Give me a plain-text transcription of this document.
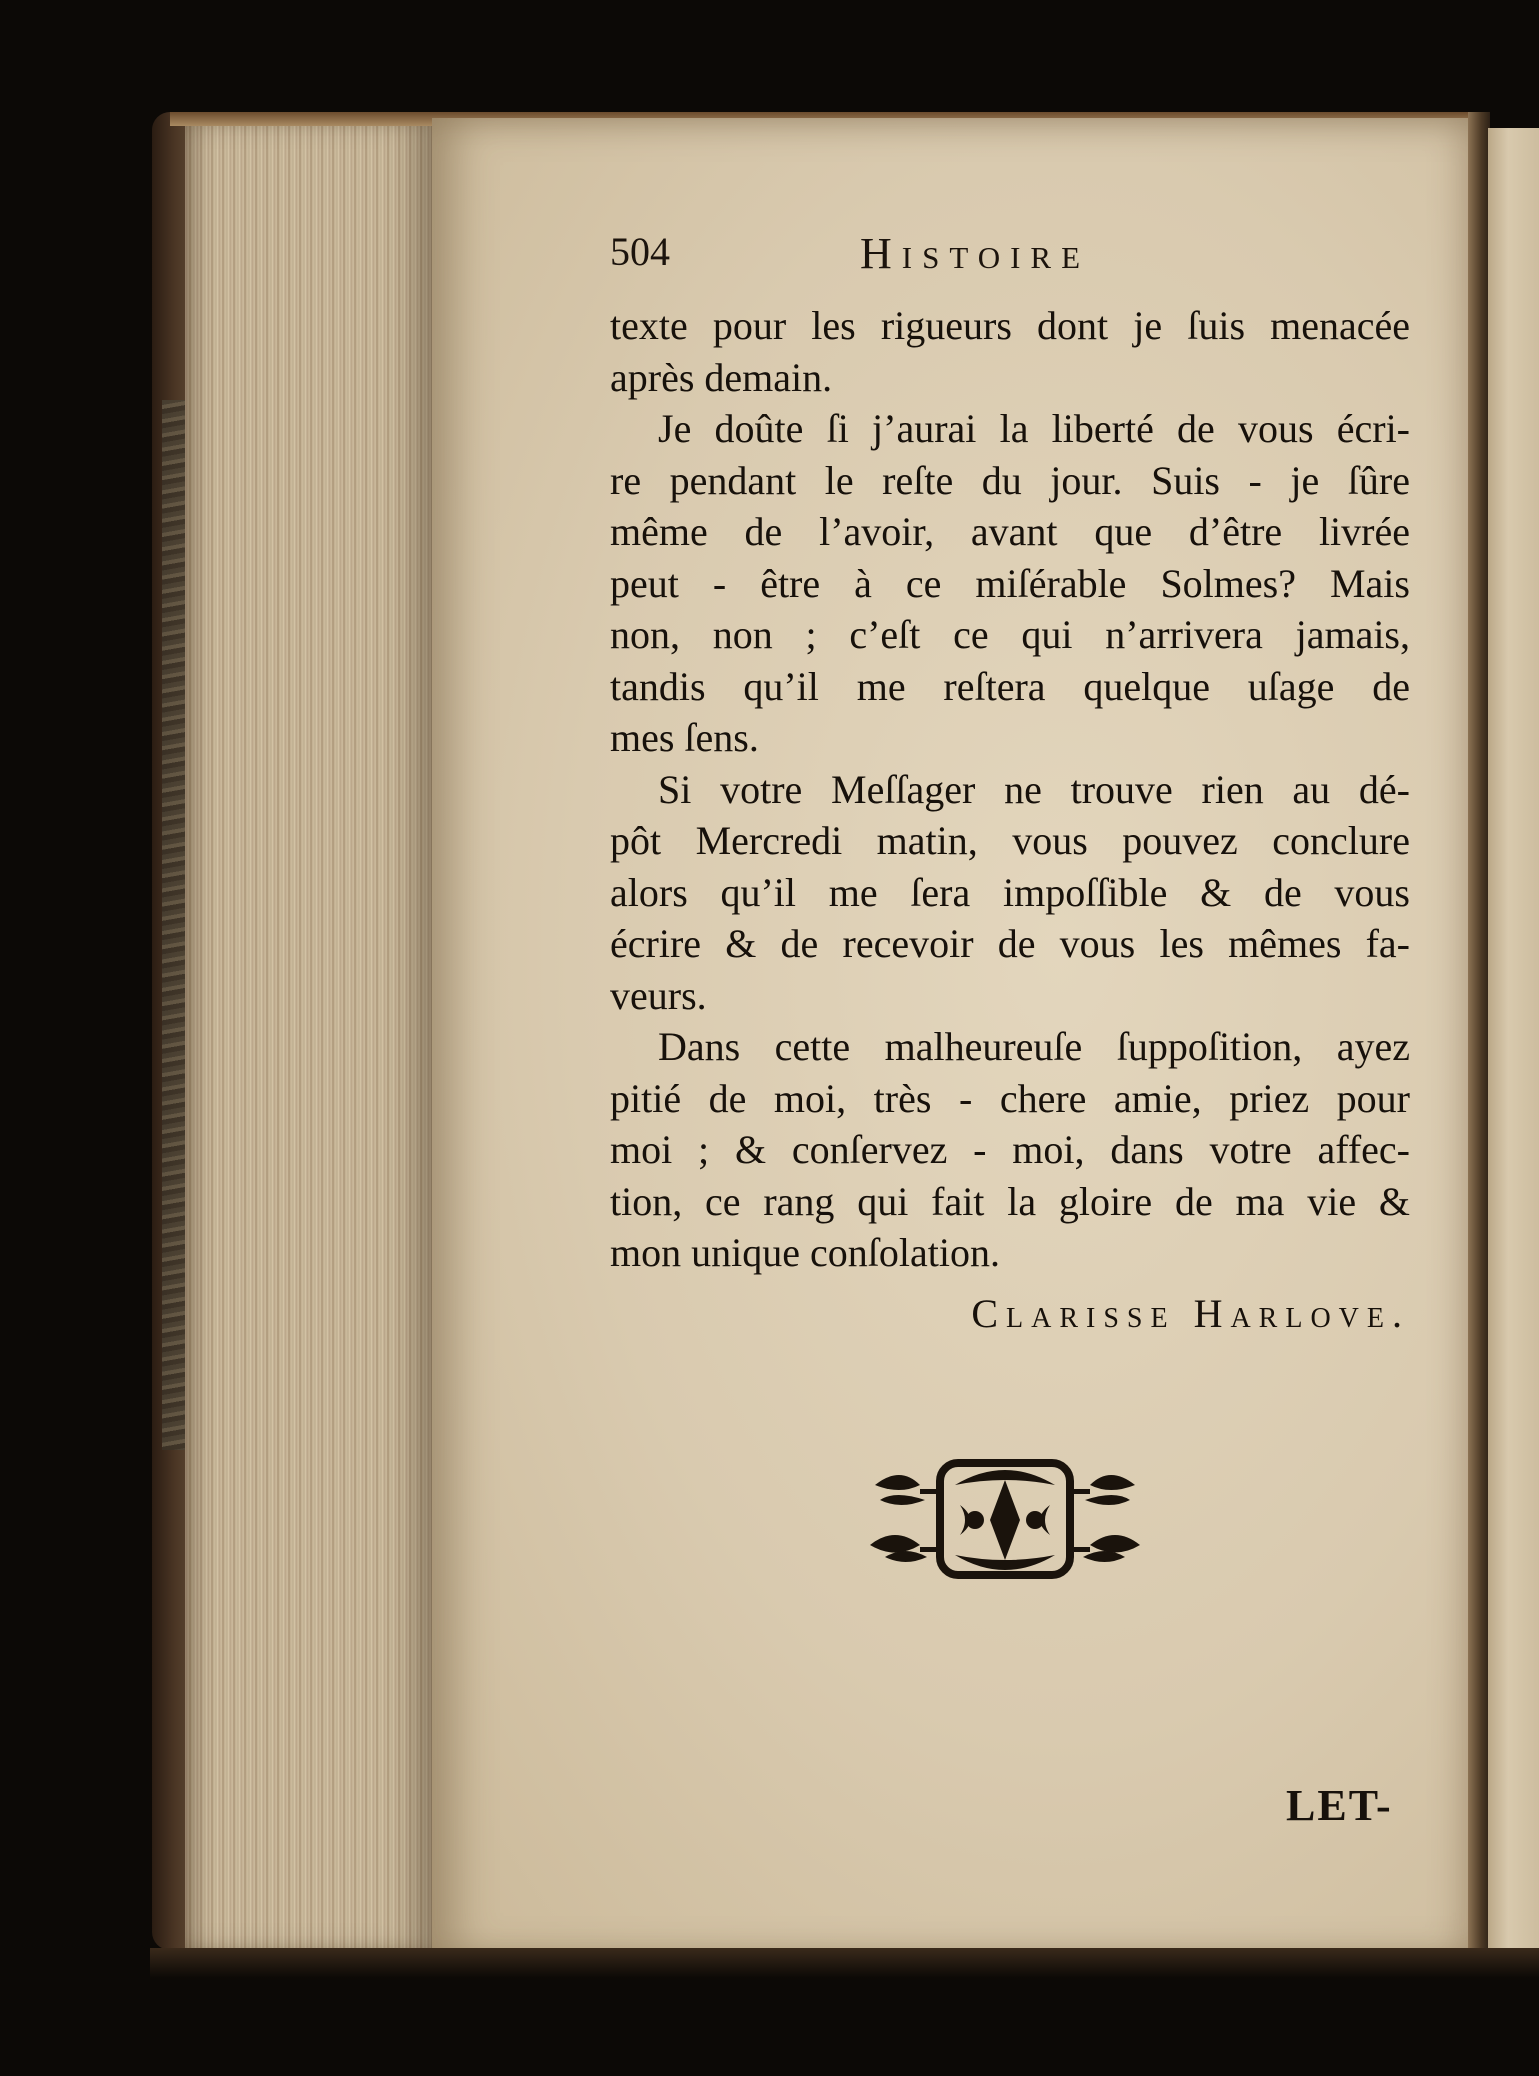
504	Histoire
texte pour les rigueurs dont je ſuis menacée
après demain.
Je doûte ſi j’aurai la liberté de vous écri-
re pendant le reſte du jour. Suis - je ſûre
même de l’avoir, avant que d’être livrée
peut - être à ce miſérable Solmes? Mais
non, non ; c’eſt ce qui n’arrivera jamais,
tandis qu’il me reſtera quelque uſage de
mes ſens.
Si votre Meſſager ne trouve rien au dé-
pôt Mercredi matin, vous pouvez conclure
alors qu’il me ſera impoſſible & de vous
écrire & de recevoir de vous les mêmes fa-
veurs.
Dans cette malheureuſe ſuppoſition, ayez
pitié de moi, très - chere amie, priez pour
moi ; & conſervez - moi, dans votre affec-
tion, ce rang qui fait la gloire de ma vie &
mon unique conſolation.
Clarisse Harlove.
LET-
